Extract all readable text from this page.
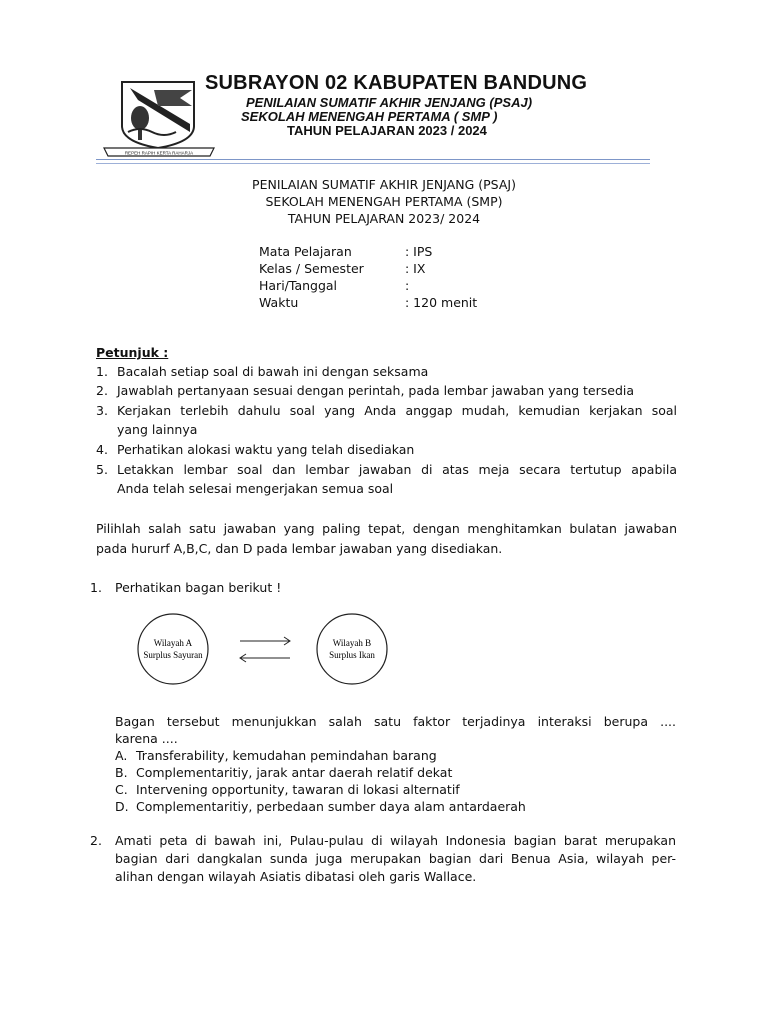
REPEH RAPIH KERTA RAHARJA
SUBRAYON 02 KABUPATEN BANDUNG
PENILAIAN SUMATIF AKHIR JENJANG (PSAJ)
SEKOLAH MENENGAH PERTAMA ( SMP )
TAHUN PELAJARAN 2023 / 2024
PENILAIAN SUMATIF AKHIR JENJANG (PSAJ)
SEKOLAH MENENGAH PERTAMA (SMP)
TAHUN PELAJARAN 2023/ 2024
Mata Pelajaran	: IPS
Kelas / Semester	: IX
Hari/Tanggal	:
Waktu	: 120 menit
Petunjuk :
1. Bacalah setiap soal di bawah ini dengan seksama
2. Jawablah pertanyaan sesuai dengan perintah, pada lembar jawaban yang tersedia
3. Kerjakan terlebih dahulu soal yang Anda anggap mudah, kemudian kerjakan soal
yang lainnya
4. Perhatikan alokasi waktu yang telah disediakan
5. Letakkan lembar soal dan lembar jawaban di atas meja secara tertutup apabila
Anda telah selesai mengerjakan semua soal
Pilihlah salah satu jawaban yang paling tepat, dengan menghitamkan bulatan jawaban
pada hururf A,B,C, dan D pada lembar jawaban yang disediakan.
1. Perhatikan bagan berikut !
Wilayah A
Surplus Sayuran
Wilayah B
Surplus Ikan
Bagan tersebut menunjukkan salah satu faktor terjadinya interaksi berupa ....
karena ....
A. Transferability, kemudahan pemindahan barang
B. Complementaritiy, jarak antar daerah relatif dekat
C. Intervening opportunity, tawaran di lokasi alternatif
D. Complementaritiy, perbedaan sumber daya alam antardaerah
2. Amati peta di bawah ini, Pulau-pulau di wilayah Indonesia bagian barat merupakan
bagian dari dangkalan sunda juga merupakan bagian dari Benua Asia, wilayah per-
alihan dengan wilayah Asiatis dibatasi oleh garis Wallace.
